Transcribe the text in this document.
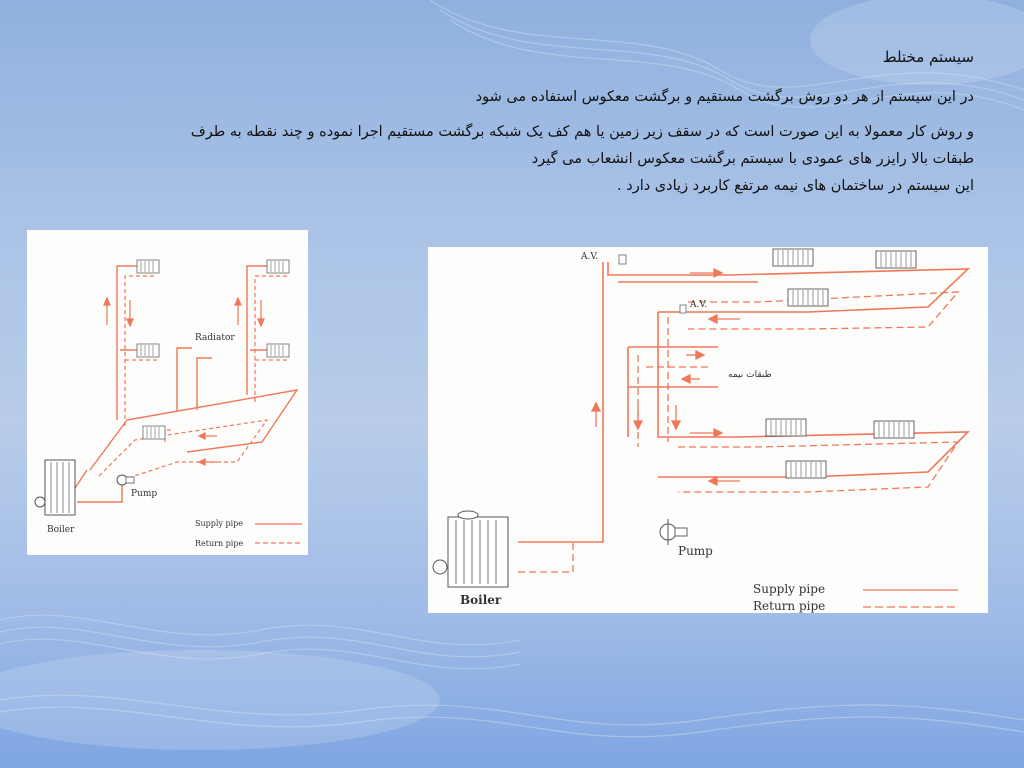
سیستم مختلط

در این سیستم از هر دو روش برگشت مستقیم و برگشت معکوس استفاده می شود

و روش کار معمولا به این صورت است که در سقف زیر زمین یا هم کف یک شبکه برگشت مستقیم اجرا نموده و چند نقطه به طرف

طبقات بالا رایزر های عمودی با سیستم برگشت معکوس انشعاب می گیرد

این سیستم در ساختمان های نیمه مرتفع کاربرد زیادی دارد .

Radiator
Pump
Boiler
Supply pipe
Return pipe
A.V.
A.V.
طبقات نیمه
Pump
Boiler
Supply pipe
Return pipe
